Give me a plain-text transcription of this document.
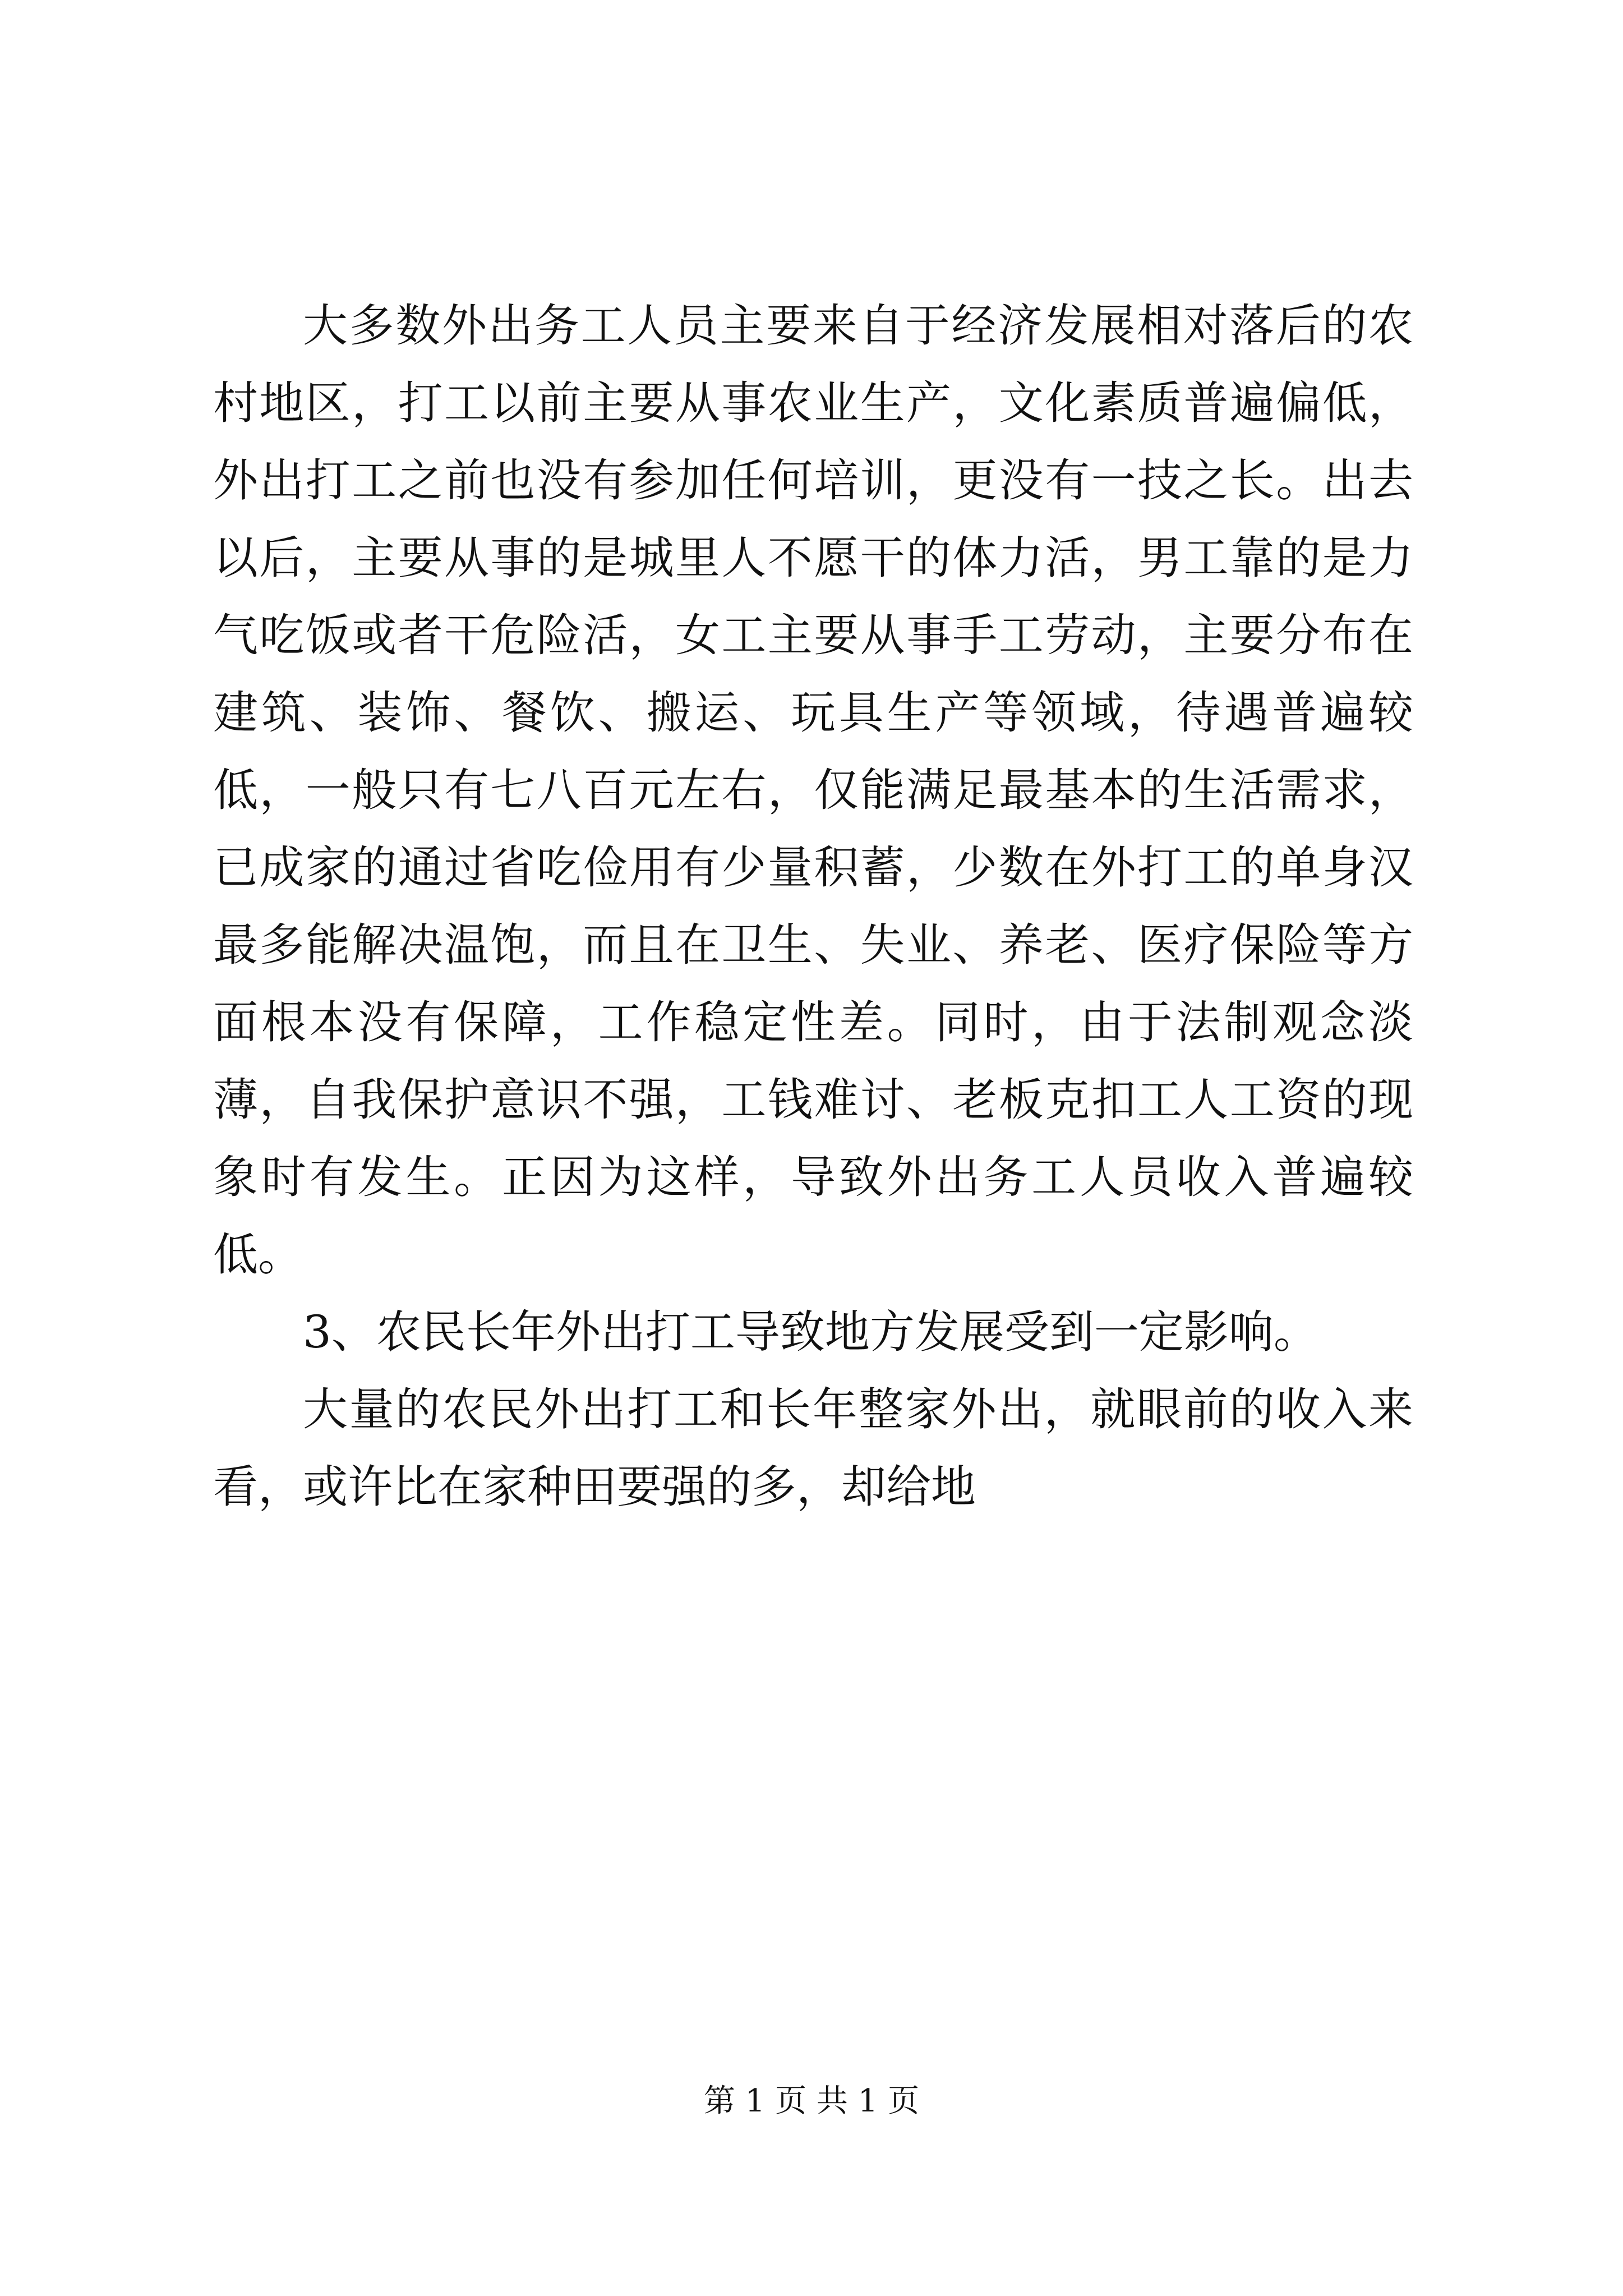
大多数外出务工人员主要来自于经济发展相对落后的农村地区，打工以前主要从事农业生产，文化素质普遍偏低，外出打工之前也没有参加任何培训，更没有一技之长。出去以后，主要从事的是城里人不愿干的体力活，男工靠的是力气吃饭或者干危险活，女工主要从事手工劳动，主要分布在建筑、装饰、餐饮、搬运、玩具生产等领域，待遇普遍较低，一般只有七八百元左右，仅能满足最基本的生活需求，已成家的通过省吃俭用有少量积蓄，少数在外打工的单身汉最多能解决温饱，而且在卫生、失业、养老、医疗保险等方面根本没有保障，工作稳定性差。同时，由于法制观念淡薄，自我保护意识不强，工钱难讨、老板克扣工人工资的现象时有发生。正因为这样，导致外出务工人员收入普遍较低。

3、农民长年外出打工导致地方发展受到一定影响。

大量的农民外出打工和长年整家外出，就眼前的收入来看，或许比在家种田要强的多，却给地

第 1 页 共 1 页
